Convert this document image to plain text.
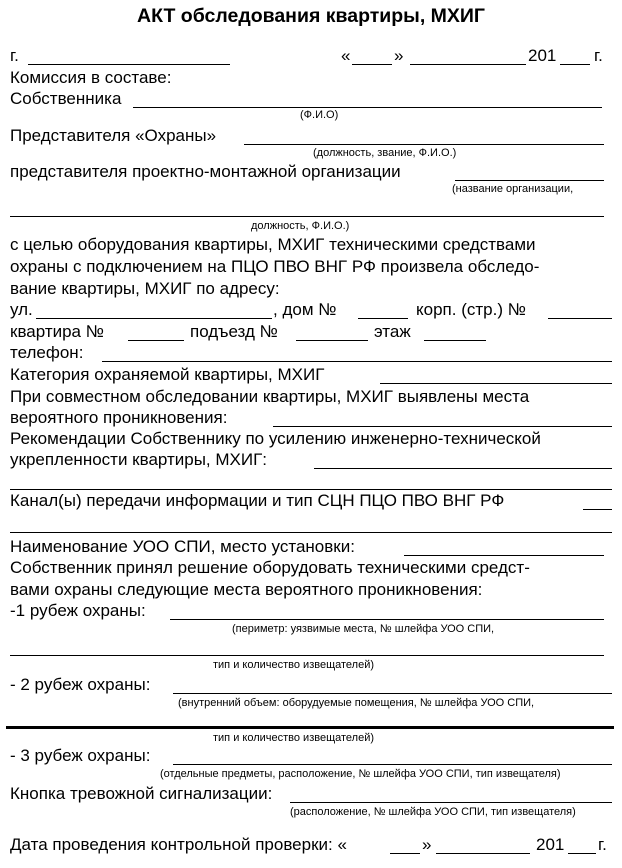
АКТ обследования квартиры, МХИГ
г.	«	»	201 г.
Комиссия в составе:
Собственника
(Ф.И.О)
Представителя «Охраны»
(должность, звание, Ф.И.О.)
представителя проектно-монтажной организации
(название организации,
должность, Ф.И.О.)
с целью оборудования квартиры, МХИГ техническими средствами
охраны с подключением на ПЦО ПВО ВНГ РФ произвела обследо-
вание квартиры, МХИГ по адресу:
ул.	, дом №	корп. (стр.) №
квартира №	подъезд №	этаж
телефон:
Категория охраняемой квартиры, МХИГ
При совместном обследовании квартиры, МХИГ выявлены места
вероятного проникновения:
Рекомендации Собственнику по усилению инженерно-технической
укрепленности квартиры, МХИГ:
Канал(ы) передачи информации и тип СЦН ПЦО ПВО ВНГ РФ
Наименование УОО СПИ, место установки:
Собственник принял решение оборудовать техническими средст-
вами охраны следующие места вероятного проникновения:
-1 рубеж охраны:
(периметр: уязвимые места, № шлейфа УОО СПИ,
тип и количество извещателей)
- 2 рубеж охраны:
(внутренний объем: оборудуемые помещения, № шлейфа УОО СПИ,
тип и количество извещателей)
- 3 рубеж охраны:
(отдельные предметы, расположение, № шлейфа УОО СПИ, тип извещателя)
Кнопка тревожной сигнализации:
(расположение, № шлейфа УОО СПИ, тип извещателя)
Дата проведения контрольной проверки: «	»	201 г.
